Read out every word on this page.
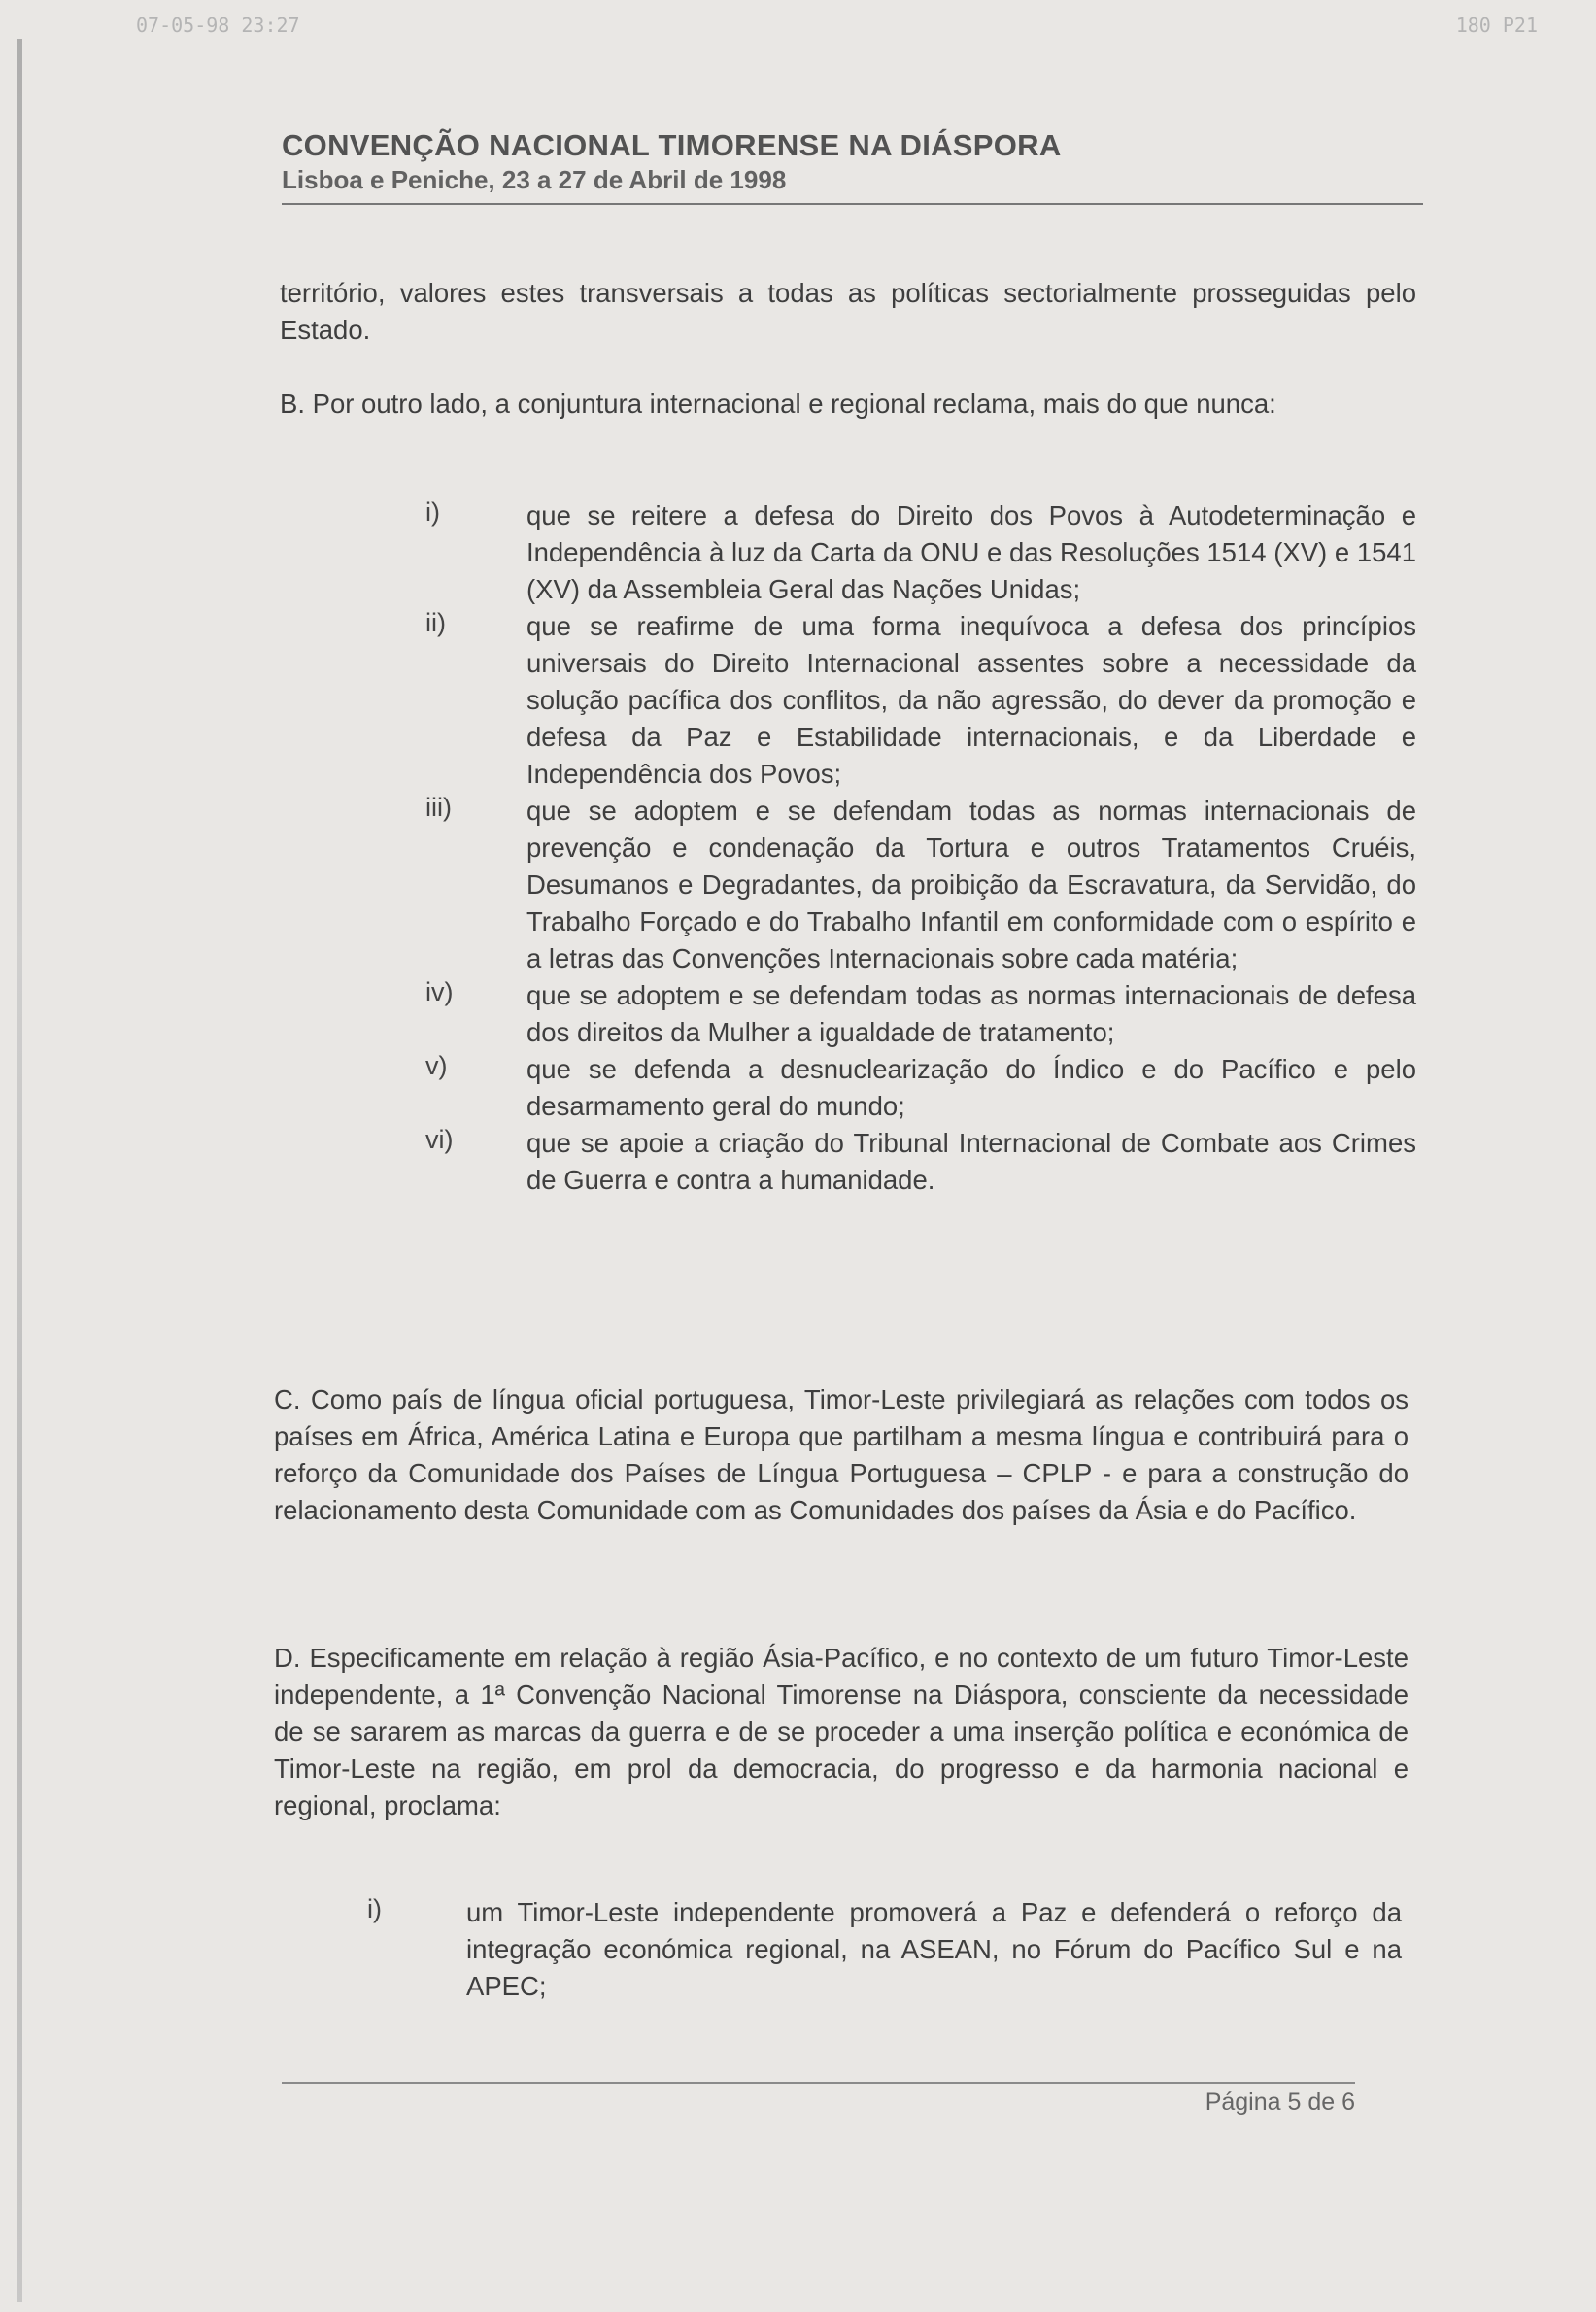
07-05-98 23:27	180 P21
CONVENÇÃO NACIONAL TIMORENSE NA DIÁSPORA
Lisboa e Peniche, 23 a 27 de Abril de 1998

território, valores estes transversais a todas as políticas sectorialmente prosseguidas pelo Estado.

B. Por outro lado, a conjuntura internacional e regional reclama, mais do que nunca:

i)	que se reitere a defesa do Direito dos Povos à Autodeterminação e Independência à luz da Carta da ONU e das Resoluções 1514 (XV) e 1541 (XV) da Assembleia Geral das Nações Unidas;
ii)	que se reafirme de uma forma inequívoca a defesa dos princípios universais do Direito Internacional assentes sobre a necessidade da solução pacífica dos conflitos, da não agressão, do dever da promoção e defesa da Paz e Estabilidade internacionais, e da Liberdade e Independência dos Povos;
iii)	que se adoptem e se defendam todas as normas internacionais de prevenção e condenação da Tortura e outros Tratamentos Cruéis, Desumanos e Degradantes, da proibição da Escravatura, da Servidão, do Trabalho Forçado e do Trabalho Infantil em conformidade com o espírito e a letras das Convenções Internacionais sobre cada matéria;
iv)	que se adoptem e se defendam todas as normas internacionais de defesa dos direitos da Mulher a igualdade de tratamento;
v)	que se defenda a desnuclearização do Índico e do Pacífico e pelo desarmamento geral do mundo;
vi)	que se apoie a criação do Tribunal Internacional de Combate aos Crimes de Guerra e contra a humanidade.

C. Como país de língua oficial portuguesa, Timor-Leste privilegiará as relações com todos os países em África, América Latina e Europa que partilham a mesma língua e contribuirá para o reforço da Comunidade dos Países de Língua Portuguesa – CPLP - e para a construção do relacionamento desta Comunidade com as Comunidades dos países da Ásia e do Pacífico.

D. Especificamente em relação à região Ásia-Pacífico, e no contexto de um futuro Timor-Leste independente, a 1ª Convenção Nacional Timorense na Diáspora, consciente da necessidade de se sararem as marcas da guerra e de se proceder a uma inserção política e económica de Timor-Leste na região, em prol da democracia, do progresso e da harmonia nacional e regional, proclama:

i)	um Timor-Leste independente promoverá a Paz e defenderá o reforço da integração económica regional, na ASEAN, no Fórum do Pacífico Sul e na APEC;
Página 5 de 6
